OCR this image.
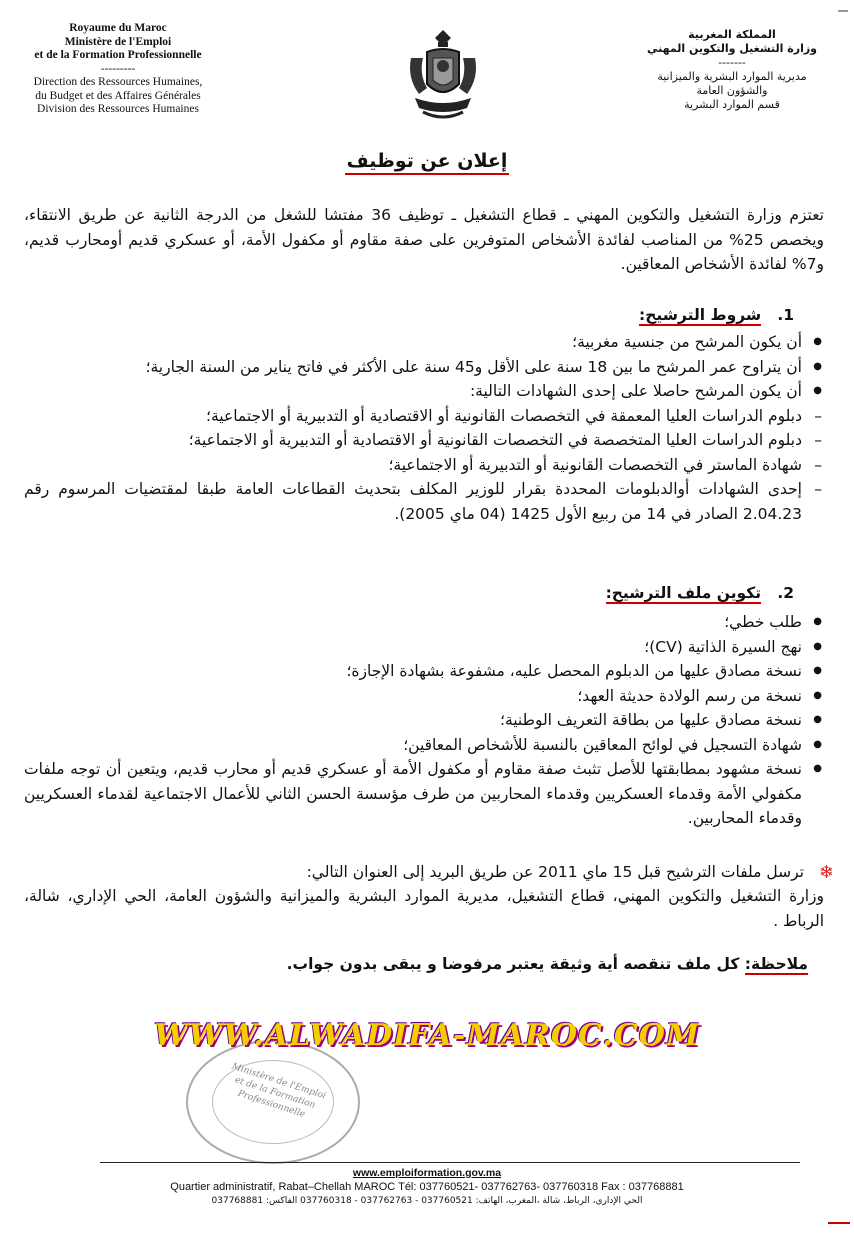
Royaume du Maroc
Ministère de l'Emploi
et de la Formation Professionnelle
---------
Direction des Ressources Humaines,
du Budget et des Affaires Générales
Division des Ressources Humaines
المملكة المغربية
وزارة التشغيل والتكوين المهني
-------
مديرية الموارد البشرية والميزانية
والشؤون العامة
قسم الموارد البشرية
إعلان عن توظيف
تعتزم وزارة التشغيل والتكوين المهني ـ قطاع التشغيل ـ توظيف 36 مفتشا للشغل من الدرجة الثانية عن طريق الانتقاء، ويخصص 25% من المناصب لفائدة الأشخاص المتوفرين على صفة مقاوم أو مكفول الأمة، أو عسكري قديم أومحارب قديم، و7% لفائدة الأشخاص المعاقين.
1.   شروط الترشيح:
● أن يكون المرشح من جنسية مغربية؛
● أن يتراوح عمر المرشح ما بين 18 سنة على الأقل و45 سنة على الأكثر في فاتح يناير من السنة الجارية؛
● أن يكون المرشح حاصلا على إحدى الشهادات التالية:
– دبلوم الدراسات العليا المعمقة في التخصصات القانونية أو الاقتصادية أو التدبيرية أو الاجتماعية؛
– دبلوم الدراسات العليا المتخصصة في التخصصات القانونية أو الاقتصادية أو التدبيرية أو الاجتماعية؛
– شهادة الماستر في التخصصات القانونية أو التدبيرية أو الاجتماعية؛
– إحدى الشهادات أوالدبلومات المحددة بقرار للوزير المكلف بتحديث القطاعات العامة طبقا لمقتضيات المرسوم رقم 2.04.23 الصادر في 14 من ربيع الأول 1425 (04 ماي 2005).
2.   تكوين ملف الترشيح:
● طلب خطي؛
● نهج السيرة الذاتية (CV)؛
● نسخة مصادق عليها من الدبلوم المحصل عليه، مشفوعة بشهادة الإجازة؛
● نسخة من رسم الولادة حديثة العهد؛
● نسخة مصادق عليها من بطاقة التعريف الوطنية؛
● شهادة التسجيل في لوائح المعاقين بالنسبة للأشخاص المعاقين؛
● نسخة مشهود بمطابقتها للأصل تثبث صفة مقاوم أو مكفول الأمة أو عسكري قديم أو محارب قديم، ويتعين أن توجه ملفات مكفولي الأمة وقدماء العسكريين وقدماء المحاربين من طرف مؤسسة الحسن الثاني للأعمال الاجتماعية لقدماء العسكريين وقدماء المحاربين.
❄
ترسل ملفات الترشيح قبل 15 ماي 2011 عن طريق البريد إلى العنوان التالي:
وزارة التشغيل والتكوين المهني، قطاع التشغيل، مديرية الموارد البشرية والميزانية والشؤون العامة، الحي الإداري، شالة، الرباط .
ملاحظة: كل ملف تنقصه أية وثيقة يعتبر مرفوضا و يبقى بدون جواب.
Ministère de l'Emploi et de la Formation Professionnelle
WWW.ALWADIFA-MAROC.COM
www.emploiformation.gov.ma
Quartier administratif, Rabat–Chellah MAROC Tél: 037760521- 037762763- 037760318 Fax : 037768881
الحي الإداري، الرباط، شالة ،المغرب، الهاتف: 037760521 - 037762763 - 037760318 الفاكس: 037768881
